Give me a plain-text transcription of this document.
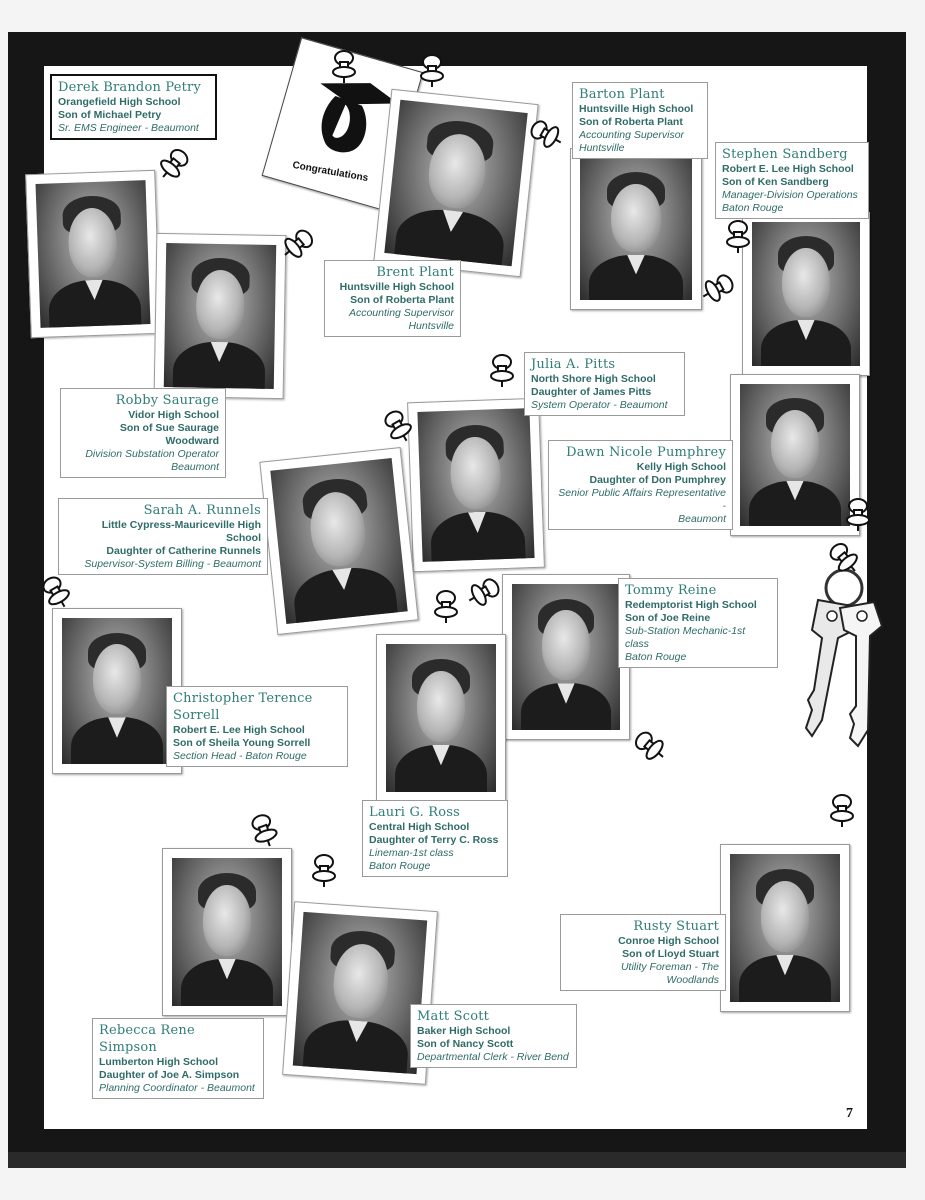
Congratulations
Derek Brandon Petry
Orangefield High School
Son of Michael Petry
Sr. EMS Engineer - Beaumont
Barton Plant
Huntsville High School
Son of Roberta Plant
Accounting Supervisor
Huntsville	Stephen Sandberg
Robert E. Lee High School
Son of Ken Sandberg
Manager-Division Operations
Baton Rouge
Brent Plant
Huntsville High School
Son of Roberta Plant
Accounting Supervisor
Huntsville
Robby Saurage
Vidor High School
Son of Sue Saurage Woodward
Division Substation Operator
Beaumont
Julia A. Pitts
North Shore High School
Daughter of James Pitts
System Operator - Beaumont
Dawn Nicole Pumphrey
Kelly High School
Daughter of Don Pumphrey
Senior Public Affairs Representative -
Beaumont
Sarah A. Runnels
Little Cypress-Mauriceville High School
Daughter of Catherine Runnels
Supervisor-System Billing - Beaumont
Tommy Reine
Redemptorist High School
Son of Joe Reine
Sub-Station Mechanic-1st class
Baton Rouge
Christopher Terence Sorrell
Robert E. Lee High School
Son of Sheila Young Sorrell
Section Head - Baton Rouge
Lauri G. Ross
Central High School
Daughter of Terry C. Ross
Lineman-1st class
Baton Rouge
Rusty Stuart
Conroe High School
Son of Lloyd Stuart
Utility Foreman - The Woodlands
Matt Scott
Baker High School
Son of Nancy Scott
Departmental Clerk - River Bend
Rebecca Rene Simpson
Lumberton High School
Daughter of Joe A. Simpson
Planning Coordinator - Beaumont
7
